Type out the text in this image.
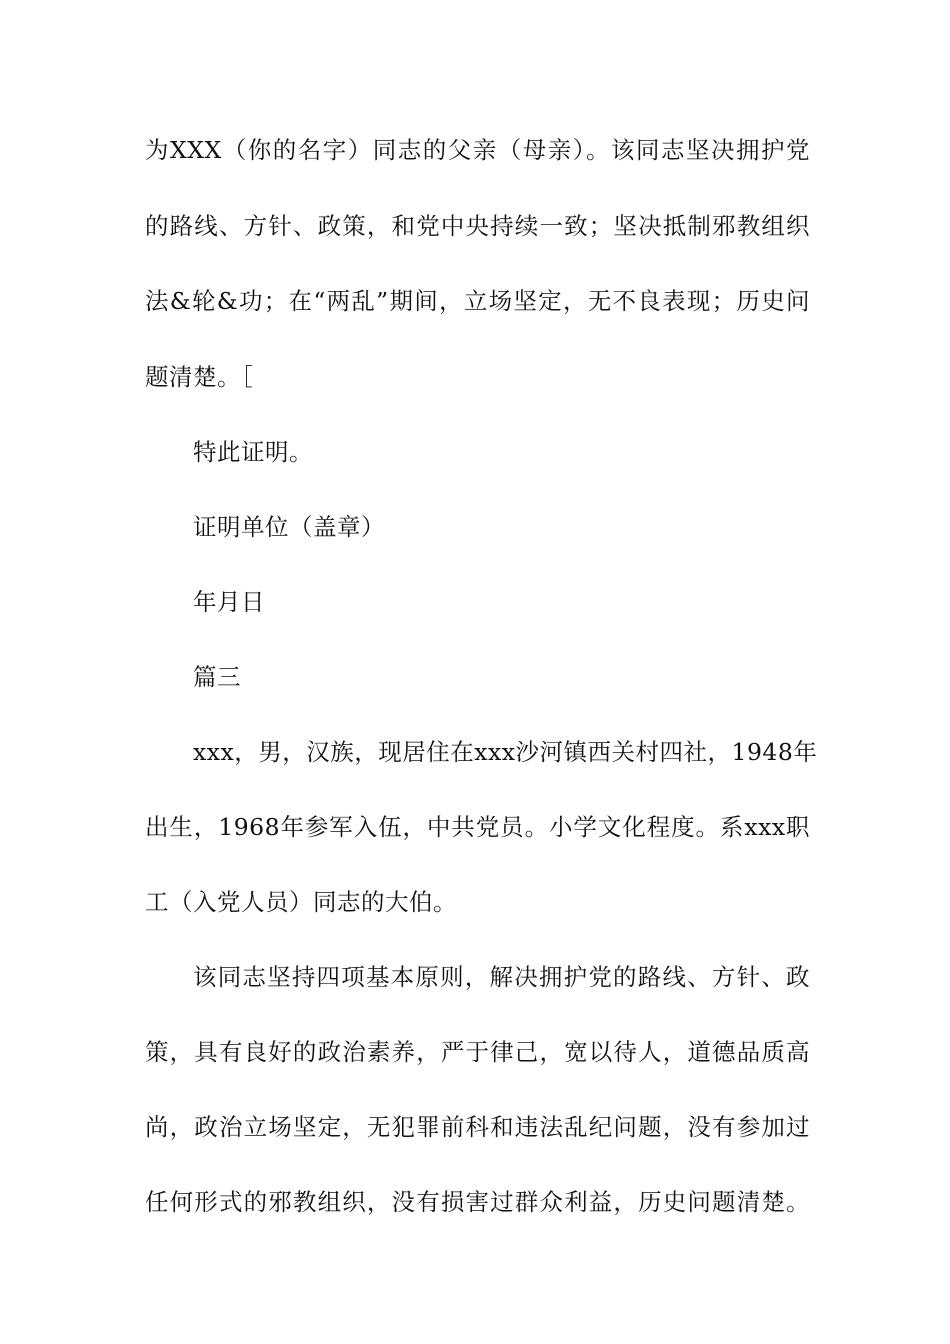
为XXX（你的名字）同志的父亲（母亲）。该同志坚决拥护党
的路线、方针、政策，和党中央持续一致；坚决抵制邪教组织
法&轮&功；在“两乱”期间，立场坚定，无不良表现；历史问
题清楚。［
特此证明。
证明单位（盖章）
年月日
篇三
xxx，男，汉族，现居住在xxx沙河镇西关村四社，1948年
出生，1968年参军入伍，中共党员。小学文化程度。系xxx职
工（入党人员）同志的大伯。
该同志坚持四项基本原则，解决拥护党的路线、方针、政
策，具有良好的政治素养，严于律己，宽以待人，道德品质高
尚，政治立场坚定，无犯罪前科和违法乱纪问题，没有参加过
任何形式的邪教组织，没有损害过群众利益，历史问题清楚。
